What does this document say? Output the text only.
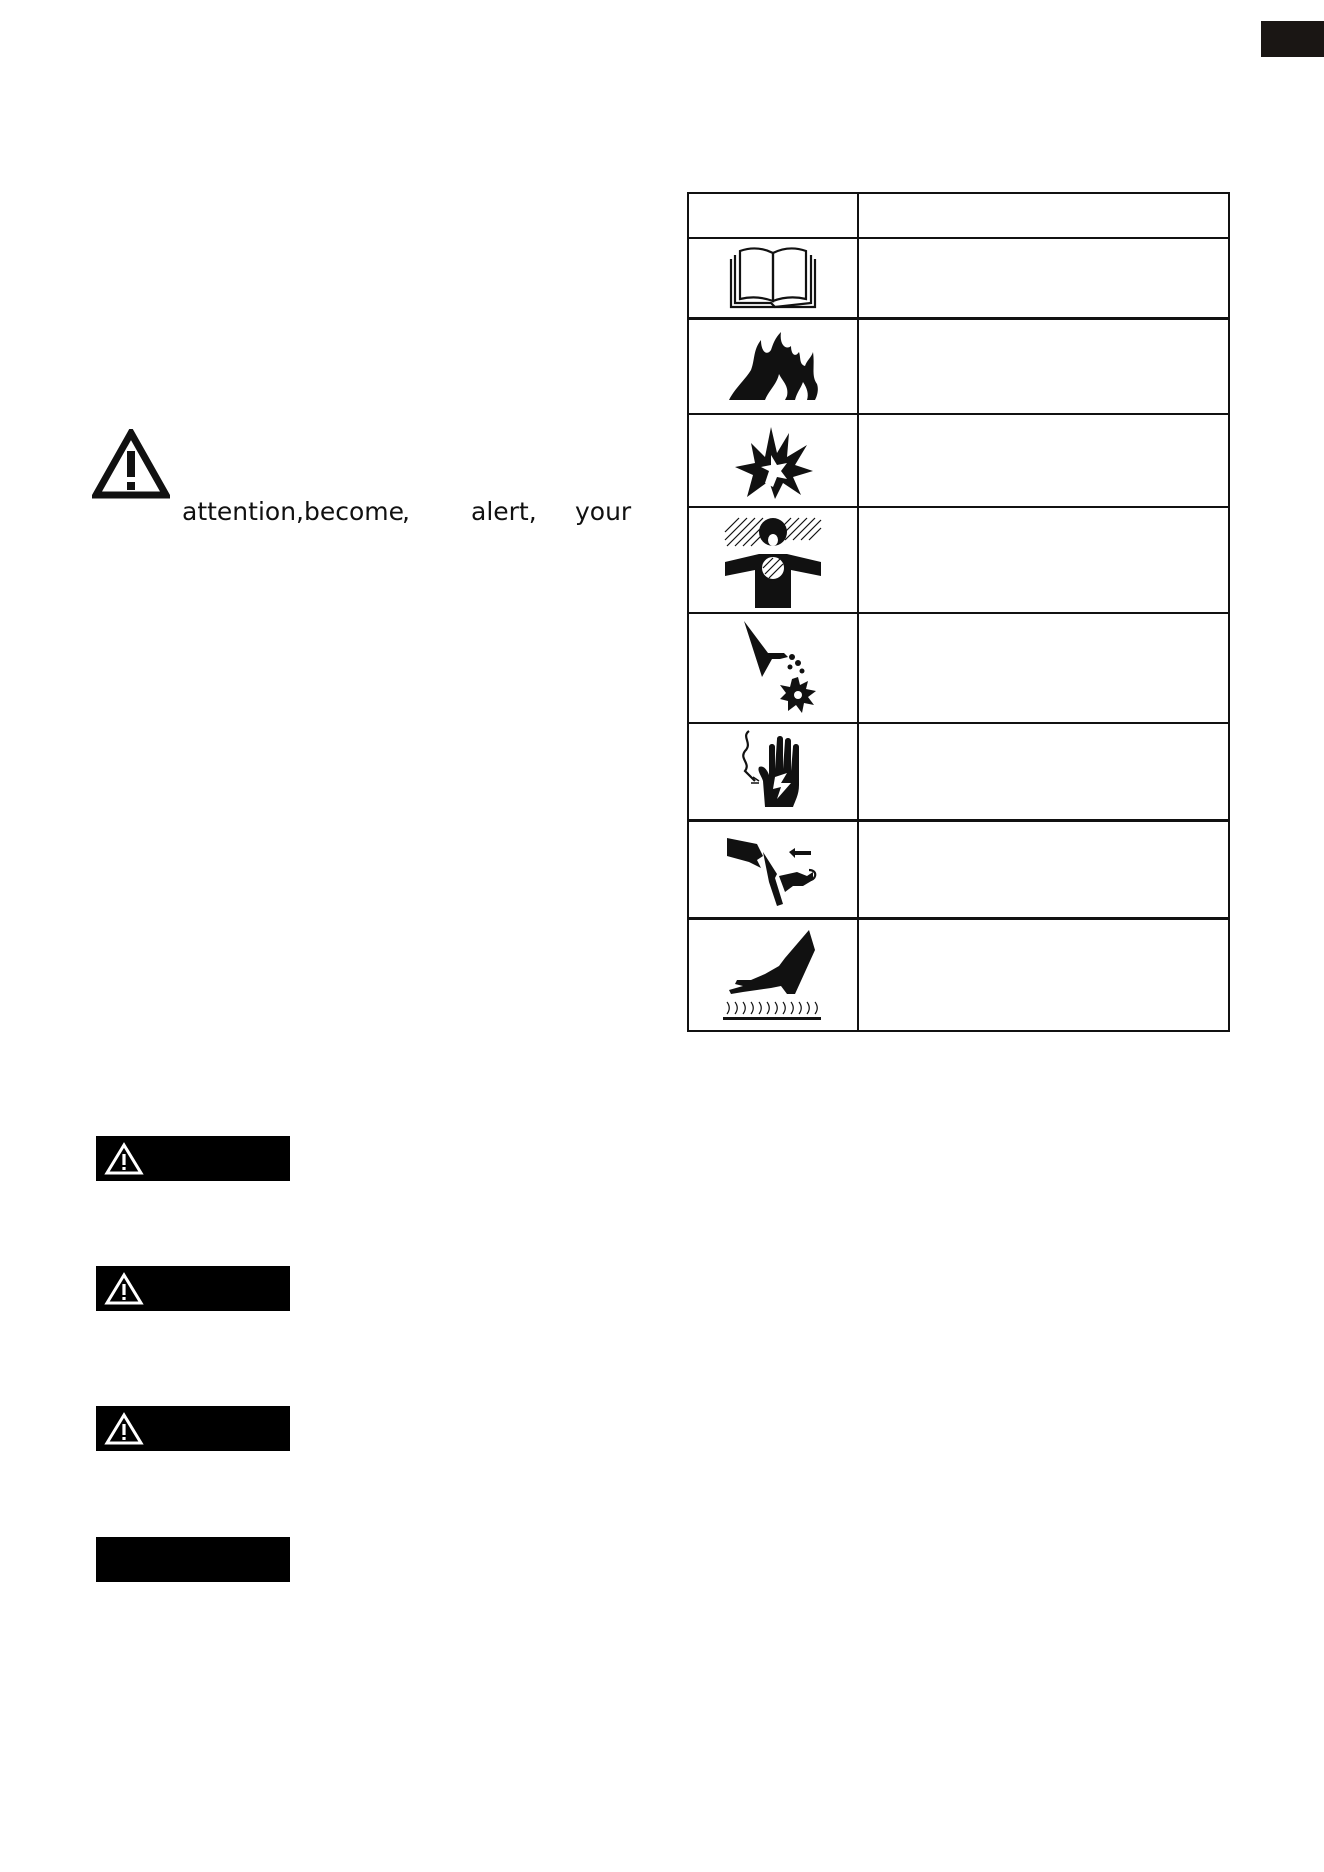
attention,become
, alert, your
